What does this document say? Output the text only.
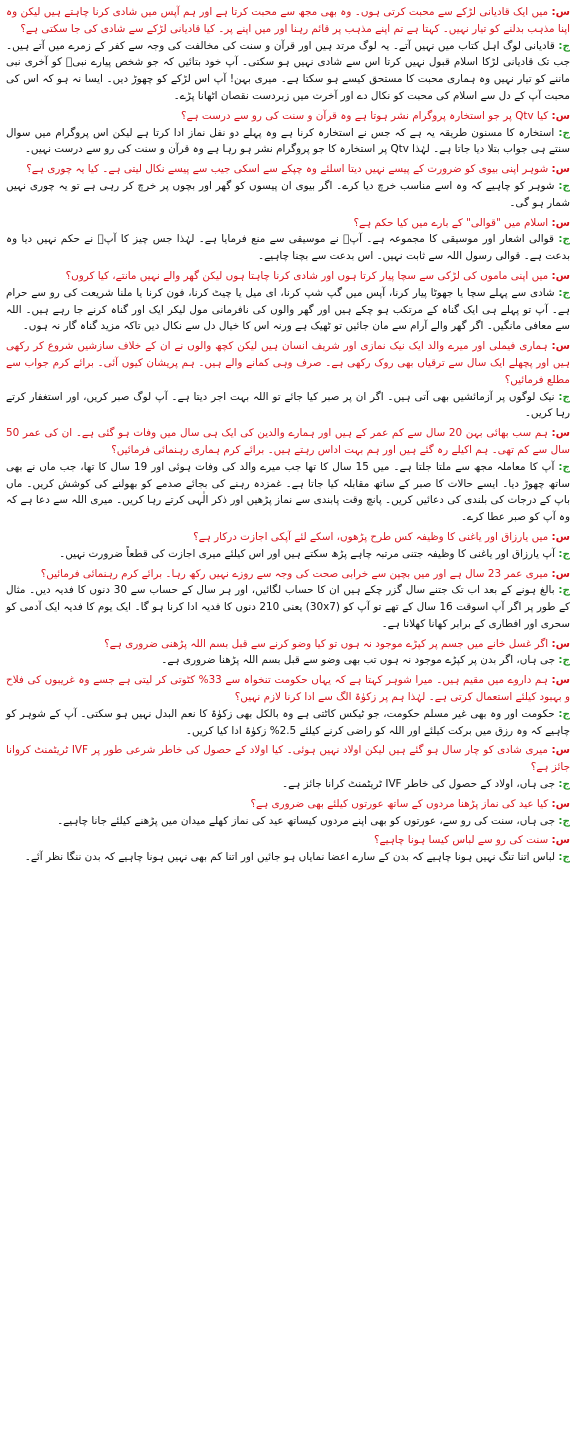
س: میں ایک قادیانی لڑکے سے محبت کرتی ہوں۔ وہ بھی مجھ سے محبت کرتا ہے اور ہم آپس میں شادی کرنا چاہتے ہیں لیکن وہ اپنا مذہب بدلنے کو تیار نہیں۔ کہتا ہے تم اپنے مذہب پر قائم رہنا اور میں اپنے پر۔ کیا قادیانی لڑکے سے شادی کی جا سکتی ہے؟

ج: قادیانی لوگ اہل کتاب میں نہیں آتے۔ یہ لوگ مرتد ہیں اور قرآن و سنت کی مخالفت کی وجہ سے کفر کے زمرے میں آتے ہیں۔ جب تک قادیانی لڑکا اسلام قبول نہیں کرتا اس سے شادی نہیں ہو سکتی۔ آپ خود بتائیں کہ جو شخص پیارے نبیؐ کو آخری نبی ماننے کو تیار نہیں وہ ہماری محبت کا مستحق کیسے ہو سکتا ہے۔ میری بہن! آپ اس لڑکے کو چھوڑ دیں۔ ایسا نہ ہو کہ اس کی محبت آپ کے دل سے اسلام کی محبت کو نکال دے اور آخرت میں زبردست نقصان اٹھانا پڑے۔

س: کیا Qtv پر جو استخارہ پروگرام نشر ہوتا ہے وہ قرآن و سنت کی رو سے درست ہے؟

ج: استخارہ کا مسنون طریقہ یہ ہے کہ جس نے استخارہ کرنا ہے وہ پہلے دو نفل نماز ادا کرتا ہے لیکن اس پروگرام میں سوال سنتے ہی جواب بتلا دیا جاتا ہے۔ لہٰذا Qtv پر استخارہ کا جو پروگرام نشر ہو رہا ہے وہ قرآن و سنت کی رو سے درست نہیں۔

س: شوہر اپنی بیوی کو ضرورت کے پیسے نہیں دیتا اسلئے وہ چپکے سے اسکی جیب سے پیسے نکال لیتی ہے۔ کیا یہ چوری ہے؟

ج: شوہر کو چاہیے کہ وہ اسے مناسب خرچ دیا کرے۔ اگر بیوی ان پیسوں کو گھر اور بچوں پر خرچ کر رہی ہے تو یہ چوری نہیں شمار ہو گی۔

س: اسلام میں "قوالی" کے بارے میں کیا حکم ہے؟

ج: قوالی اشعار اور موسیقی کا مجموعہ ہے۔ آپؐ نے موسیقی سے منع فرمایا ہے۔ لہٰذا جس چیز کا آپؐ نے حکم نہیں دیا وہ بدعت ہے۔ قوالی رسول اللہ سے ثابت نہیں۔ اس بدعت سے بچنا چاہیے۔

س: میں اپنی ماموں کی لڑکی سے سچا پیار کرتا ہوں اور شادی کرنا چاہتا ہوں لیکن گھر والے نہیں مانتے، کیا کروں؟

ج: شادی سے پہلے سچا یا جھوٹا پیار کرنا، آپس میں گپ شپ کرنا، ای میل یا چیٹ کرنا، فون کرنا یا ملنا شریعت کی رو سے حرام ہے۔ آپ تو پہلے ہی ایک گناہ کے مرتکب ہو چکے ہیں اور گھر والوں کی نافرمانی مول لیکر ایک اور گناہ کرنے جا رہے ہیں۔ اللہ سے معافی مانگیں۔ اگر گھر والے آرام سے مان جائیں تو ٹھیک ہے ورنہ اس کا خیال دل سے نکال دیں تاکہ مزید گناہ گار نہ ہوں۔

س: ہماری فیملی اور میرے والد ایک نیک نمازی اور شریف انسان ہیں لیکن کچھ والوں نے ان کے خلاف سازشیں شروع کر رکھی ہیں اور پچھلے ایک سال سے ترقیاں بھی روک رکھی ہے۔ صرف وہی کمانے والے ہیں۔ ہم پریشان کیوں آئی۔ برائے کرم جواب سے مطلع فرمائیں؟

ج: نیک لوگوں پر آزمائشیں بھی آتی ہیں۔ اگر ان پر صبر کیا جائے تو اللہ بہت اجر دیتا ہے۔ آپ لوگ صبر کریں، اور استغفار کرتے رہا کریں۔

س: ہم سب بھائی بہن 20 سال سے کم عمر کے ہیں اور ہمارے والدین کی ایک ہی سال میں وفات ہو گئی ہے۔ ان کی عمر 50 سال سے کم تھی۔ ہم اکیلے رہ گئے ہیں اور ہم بہت اداس رہتے ہیں۔ برائے کرم ہماری رہنمائی فرمائیں؟

ج: آپ کا معاملہ مجھ سے ملتا جلتا ہے۔ میں 15 سال کا تھا جب میرے والد کی وفات ہوئی اور 19 سال کا تھا، جب ماں نے بھی ساتھ چھوڑ دیا۔ ایسے حالات کا صبر کے ساتھ مقابلہ کیا جاتا ہے۔ غمزدہ رہنے کی بجائے صدمے کو بھولنے کی کوشش کریں۔ ماں باپ کے درجات کی بلندی کی دعائیں کریں۔ پانچ وقت پابندی سے نماز پڑھیں اور ذکر الٰہی کرتے رہا کریں۔ میری اللہ سے دعا ہے کہ وہ آپ کو صبر عطا کرے۔

س: میں یارزاق اور یاغنی کا وظیفہ کس طرح پڑھوں، اسکے لئے آپکی اجازت درکار ہے؟

ج: آپ یارزاق اور یاغنی کا وظیفہ جتنی مرتبہ چاہے پڑھ سکتے ہیں اور اس کیلئے میری اجازت کی قطعاً ضرورت نہیں۔

س: میری عمر 23 سال ہے اور میں بچپن سے خرابی صحت کی وجہ سے روزے نہیں رکھ رہا۔ برائے کرم رہنمائی فرمائیں؟

ج: بالغ ہونے کے بعد اب تک جتنے سال گزر چکے ہیں ان کا حساب لگائیں، اور ہر سال کے حساب سے 30 دنوں کا فدیہ دیں۔ مثال کے طور پر اگر آپ اسوقت 16 سال کے تھے تو آپ کو (30x7) یعنی 210 دنوں کا فدیہ ادا کرنا ہو گا۔ ایک یوم کا فدیہ ایک آدمی کو سحری اور افطاری کے برابر کھانا کھلانا ہے۔

س: اگر غسل خانے میں جسم پر کپڑے موجود نہ ہوں تو کیا وضو کرنے سے قبل بسم اللہ پڑھنی ضروری ہے؟

ج: جی ہاں، اگر بدن پر کپڑے موجود نہ ہوں تب بھی وضو سے قبل بسم اللہ پڑھنا ضروری ہے۔

س: ہم داروے میں مقیم ہیں۔ میرا شوہر کہتا ہے کہ یہاں حکومت تنخواہ سے 33% کٹوتی کر لیتی ہے جسے وہ غریبوں کی فلاح و بہبود کیلئے استعمال کرتی ہے۔ لہٰذا ہم پر زکوٰۃ الگ سے ادا کرنا لازم نہیں؟

ج: حکومت اور وہ بھی غیر مسلم حکومت، جو ٹیکس کاٹتی ہے وہ بالکل بھی زکوٰۃ کا نعم البدل نہیں ہو سکتی۔ آپ کے شوہر کو چاہیے کہ وہ رزق میں برکت کیلئے اور اللہ کو راضی کرنے کیلئے 2.5% زکوٰۃ ادا کیا کریں۔

س: میری شادی کو چار سال ہو گئے ہیں لیکن اولاد نہیں ہوئی۔ کیا اولاد کے حصول کی خاطر شرعی طور پر IVF ٹریٹمنٹ کروانا جائز ہے؟

ج: جی ہاں، اولاد کے حصول کی خاطر IVF ٹریٹمنٹ کرانا جائز ہے۔

س: کیا عید کی نماز پڑھنا مردوں کے ساتھ عورتوں کیلئے بھی ضروری ہے؟

ج: جی ہاں، سنت کی رو سے، عورتوں کو بھی اپنے مردوں کیساتھ عید کی نماز کھلے میدان میں پڑھنے کیلئے جانا چاہیے۔

س: سنت کی رو سے لباس کیسا ہونا چاہیے؟

ج: لباس اتنا تنگ نہیں ہونا چاہیے کہ بدن کے سارے اعضا نمایاں ہو جائیں اور اتنا کم بھی نہیں ہونا چاہیے کہ بدن ننگا نظر آئے۔
